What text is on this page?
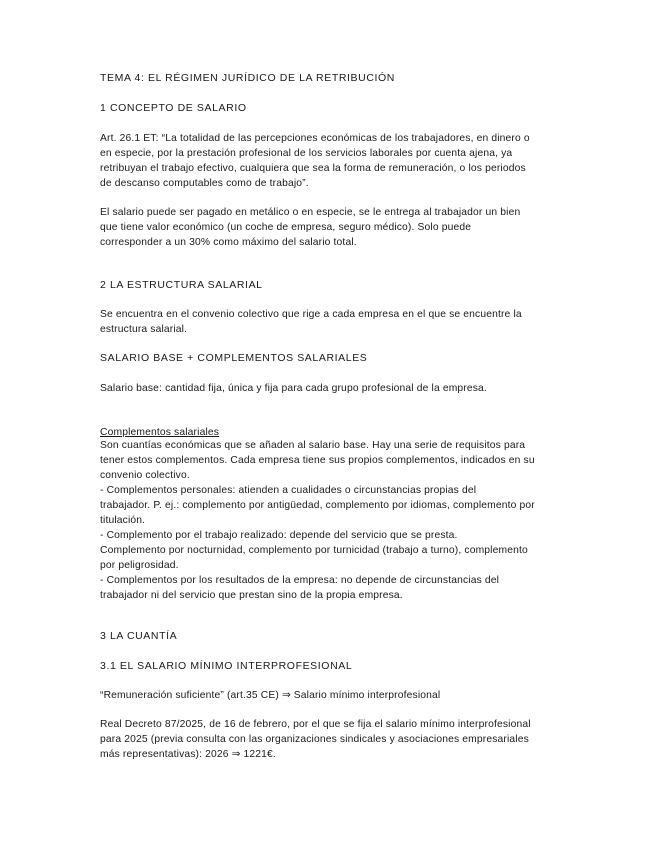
TEMA 4: EL RÉGIMEN JURÍDICO DE LA RETRIBUCIÓN
1 CONCEPTO DE SALARIO
Art. 26.1 ET: “La totalidad de las percepciones económicas de los trabajadores, en dinero o
en especie, por la prestación profesional de los servicios laborales por cuenta ajena, ya
retribuyan el trabajo efectivo, cualquiera que sea la forma de remuneración, o los periodos
de descanso computables como de trabajo”.
El salario puede ser pagado en metálico o en especie, se le entrega al trabajador un bien
que tiene valor económico (un coche de empresa, seguro médico). Solo puede
corresponder a un 30% como máximo del salario total.
2 LA ESTRUCTURA SALARIAL
Se encuentra en el convenio colectivo que rige a cada empresa en el que se encuentre la
estructura salarial.
SALARIO BASE + COMPLEMENTOS SALARIALES
Salario base: cantidad fija, única y fija para cada grupo profesional de la empresa.
Complementos salariales
Son cuantías económicas que se añaden al salario base. Hay una serie de requisitos para
tener estos complementos. Cada empresa tiene sus propios complementos, indicados en su
convenio colectivo.
- Complementos personales: atienden a cualidades o circunstancias propias del
trabajador. P. ej.: complemento por antigüedad, complemento por idiomas, complemento por
titulación.
- Complemento por el trabajo realizado: depende del servicio que se presta.
Complemento por nocturnidad, complemento por turnicidad (trabajo a turno), complemento
por peligrosidad.
- Complementos por los resultados de la empresa: no depende de circunstancias del
trabajador ni del servicio que prestan sino de la propia empresa.
3 LA CUANTÍA
3.1 EL SALARIO MÍNIMO INTERPROFESIONAL
“Remuneración suficiente” (art.35 CE) ⇒ Salario mínimo interprofesional
Real Decreto 87/2025, de 16 de febrero, por el que se fija el salario mínimo interprofesional
para 2025 (previa consulta con las organizaciones sindicales y asociaciones empresariales
más representativas): 2026 ⇒ 1221€.
